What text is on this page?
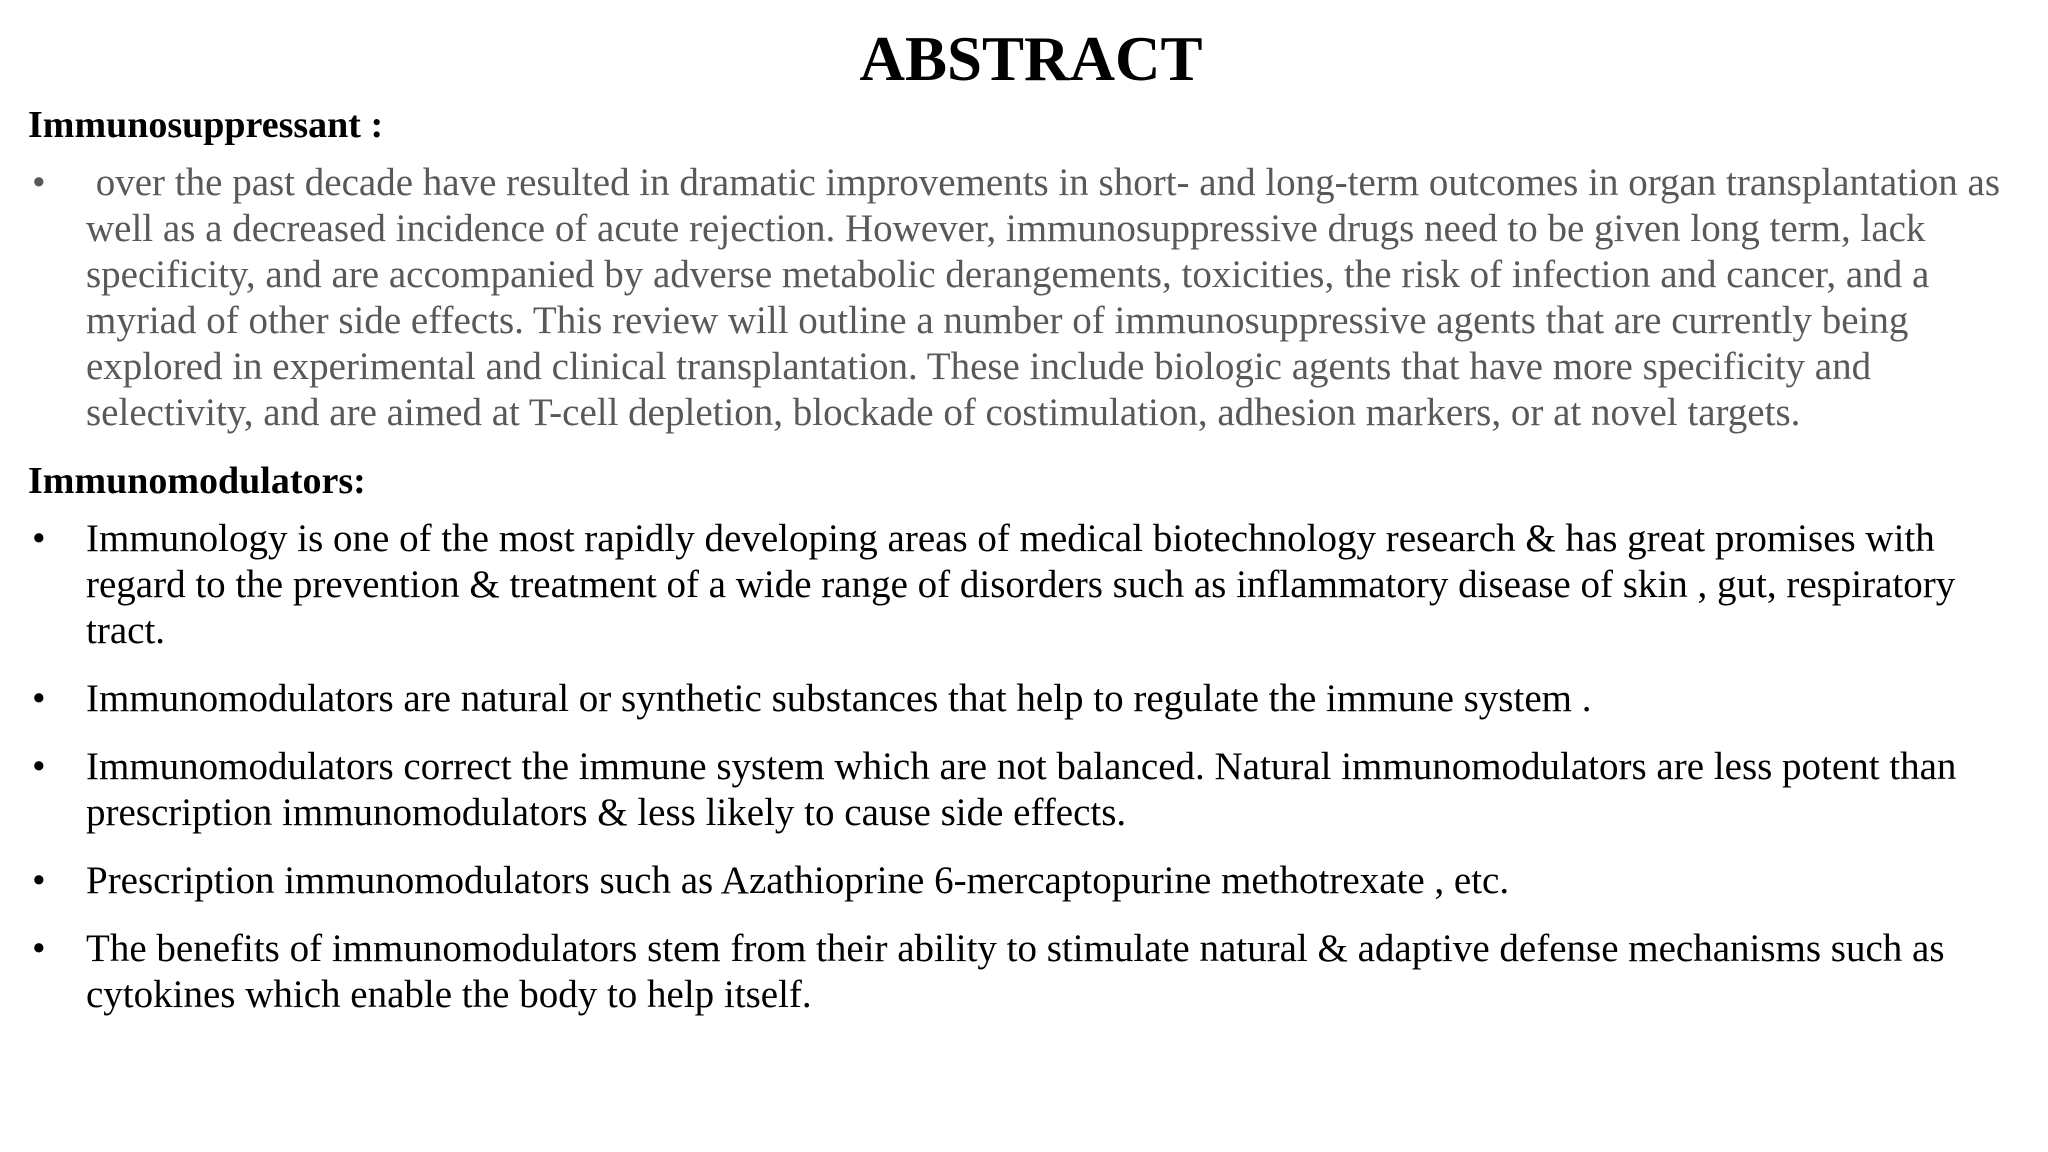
ABSTRACT
Immunosuppressant :
• over the past decade have resulted in dramatic improvements in short- and long-term outcomes in organ transplantation as well as a decreased incidence of acute rejection. However, immunosuppressive drugs need to be given long term, lack specificity, and are accompanied by adverse metabolic derangements, toxicities, the risk of infection and cancer, and a myriad of other side effects. This review will outline a number of immunosuppressive agents that are currently being explored in experimental and clinical transplantation. These include biologic agents that have more specificity and selectivity, and are aimed at T-cell depletion, blockade of costimulation, adhesion markers, or at novel targets.
Immunomodulators:
• Immunology is one of the most rapidly developing areas of medical biotechnology research & has great promises with regard to the prevention & treatment of a wide range of disorders such as inflammatory disease of skin , gut, respiratory tract.
• Immunomodulators are natural or synthetic substances that help to regulate the immune system .
• Immunomodulators correct the immune system which are not balanced. Natural immunomodulators are less potent than prescription immunomodulators & less likely to cause side effects.
• Prescription immunomodulators such as Azathioprine 6-mercaptopurine methotrexate , etc.
• The benefits of immunomodulators stem from their ability to stimulate natural & adaptive defense mechanisms such as cytokines which enable the body to help itself.
